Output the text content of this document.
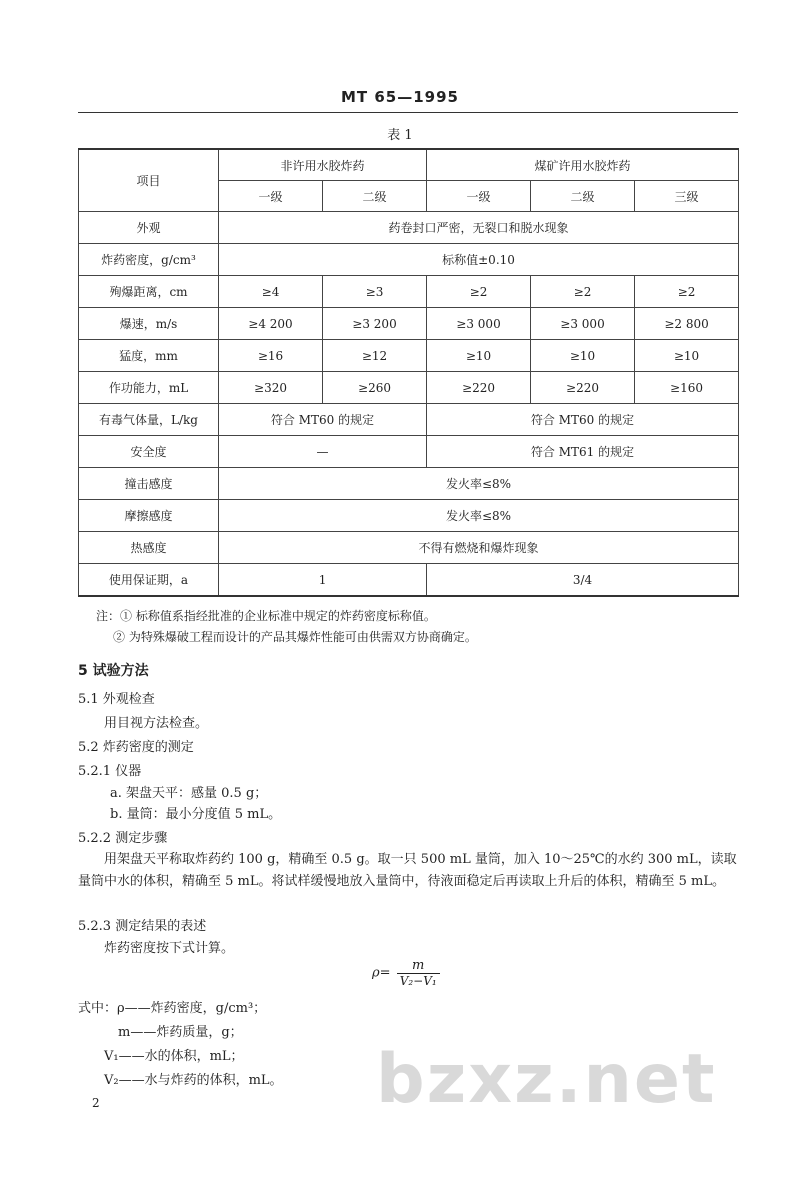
MT 65—1995
表 1
项目	非许用水胶炸药		煤矿许用水胶炸药		
	一级	二级	一级	二级	三级
外观	药卷封口严密，无裂口和脱水现象				
炸药密度，g/cm³	标称值±0.10				
殉爆距离，cm	≥4	≥3	≥2	≥2	≥2
爆速，m/s	≥4 200	≥3 200	≥3 000	≥3 000	≥2 800
猛度，mm	≥16	≥12	≥10	≥10	≥10
作功能力，mL	≥320	≥260	≥220	≥220	≥160
有毒气体量，L/kg	符合 MT60 的规定		符合 MT60 的规定		
安全度	—		符合 MT61 的规定		
撞击感度	发火率≤8%				
摩擦感度	发火率≤8%				
热感度	不得有燃烧和爆炸现象				
使用保证期，a	1		3/4		
注：① 标称值系指经批准的企业标准中规定的炸药密度标称值。
② 为特殊爆破工程而设计的产品其爆炸性能可由供需双方协商确定。
5 试验方法
5.1 外观检查
用目视方法检查。
5.2 炸药密度的测定
5.2.1 仪器
a. 架盘天平：感量 0.5 g；
b. 量筒：最小分度值 5 mL。
5.2.2 测定步骤
用架盘天平称取炸药约 100 g，精确至 0.5 g。取一只 500 mL 量筒，加入 10～25℃的水约 300 mL，读取量筒中水的体积，精确至 5 mL。将试样缓慢地放入量筒中，待液面稳定后再读取上升后的体积，精确至 5 mL。
5.2.3 测定结果的表述
炸药密度按下式计算。
$\rho= \frac{m}{\text{V₂−V₁}}$
式中：ρ——炸药密度，g/cm³；
m——炸药质量，g；
V₁——水的体积，mL；
V₂——水与炸药的体积，mL。
2	bzxz.net
